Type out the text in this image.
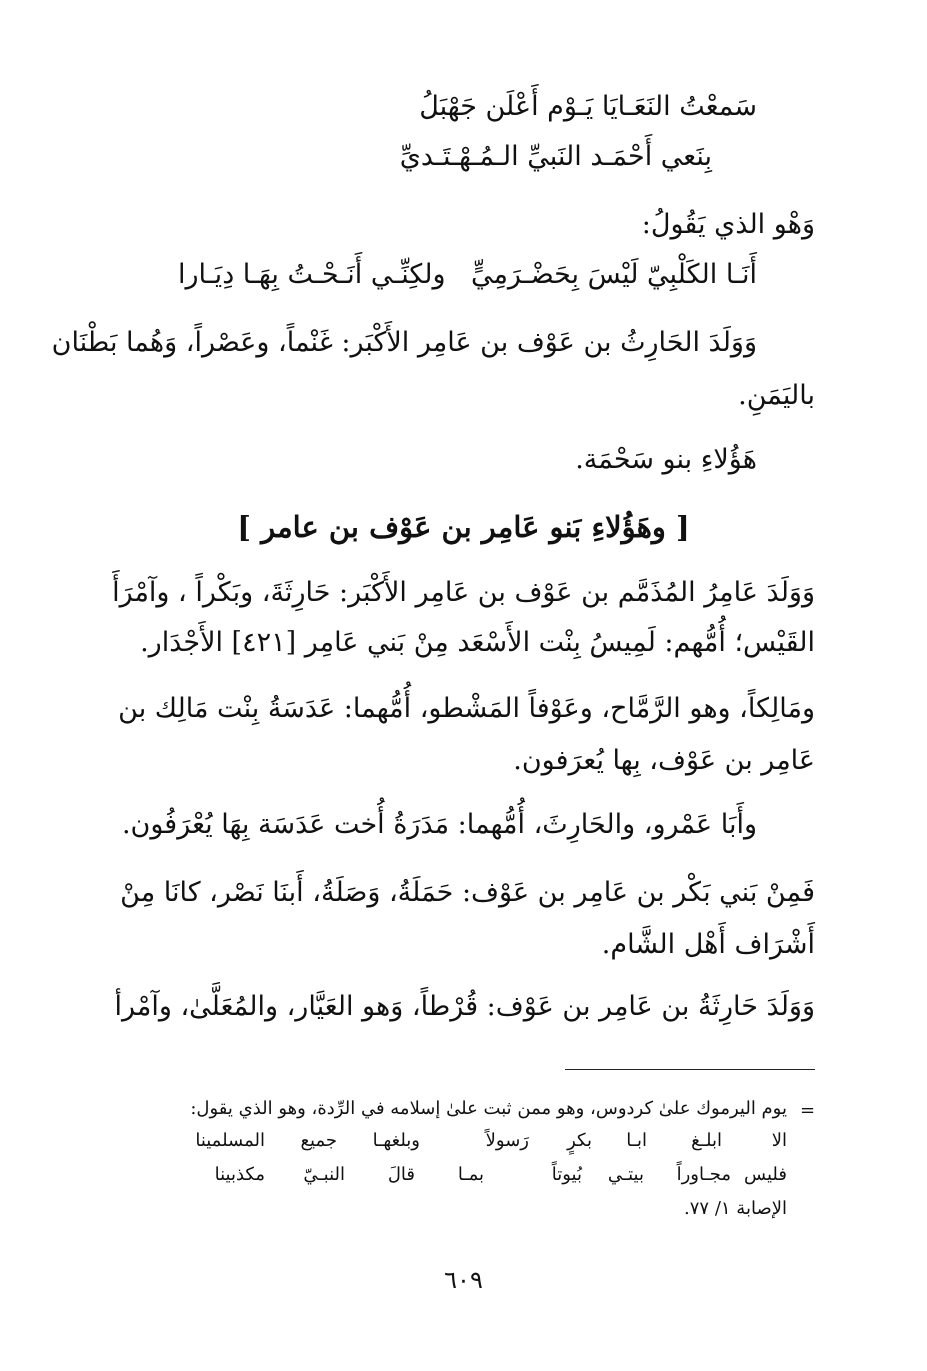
سَمعْتُ النَعَـايَا يَـوْم أَعْلَن جَهْبَلُ
بِنَعي أَحْمَـد النَبيِّ الـمُـهْـتَـديِّ
وَهْو الذي يَقُولُ:
أَنَـا الكَلْبِيّ لَيْسَ بِحَضْـرَمِيٍّ
ولكِنِّـي أَنَـحْـتُ بِهَـا دِيَـارا
وَوَلَدَ الحَارِثُ بن عَوْف بن عَامِر الأَكْبَر: غَنْماً، وعَصْراً، وَهُما بَطْنَان
باليَمَنِ.
هَؤُلاءِ بنو سَحْمَة.
[ وهَؤُلاءِ بَنو عَامِر بن عَوْف بن عامر ]
وَوَلَدَ عَامِرُ المُذَمَّم بن عَوْف بن عَامِر الأَكْبَر: حَارِثَةَ، وبَكْراً ، وآمْرَأَ
القَيْس؛ أُمُّهم: لَمِيسُ بِنْت الأَسْعَد مِنْ بَني عَامِر [٤٢١] الأَجْدَار.
ومَالِكاً، وهو الرَّمَّاح، وعَوْفاً المَشْطو، أُمُّهما: عَدَسَةُ بِنْت مَالِك بن
عَامِر بن عَوْف، بِها يُعرَفون.
وأَبَا عَمْرو، والحَارِثَ، أُمُّهما: مَدَرَةُ أُخت عَدَسَة بِهَا يُعْرَفُون.
فَمِنْ بَني بَكْر بن عَامِر بن عَوْف: حَمَلَةُ، وَصَلَةُ، أَبنَا نَصْر، كانَا مِنْ
أَشْرَاف أَهْل الشَّام.
وَوَلَدَ حَارِثَةُ بن عَامِر بن عَوْف: قُرْطاً، وَهو العَيَّار، والمُعَلَّىٰ، وآمْرأ
=
يوم اليرموك علىٰ كردوس، وهو ممن ثبت علىٰ إسلامه في الرِّدة، وهو الذي يقول:
الا
ابلـغ
ابـا
بكرٍ
رَسولاً
وبلغهـا
جميع
المسلمينا
فليس
مجـاوراً
بيتـي
بُيوتاً
بمـا
قالَ
النبـيّ
مكذبينا
الإصابة ١/ ٧٧.
٦٠٩
